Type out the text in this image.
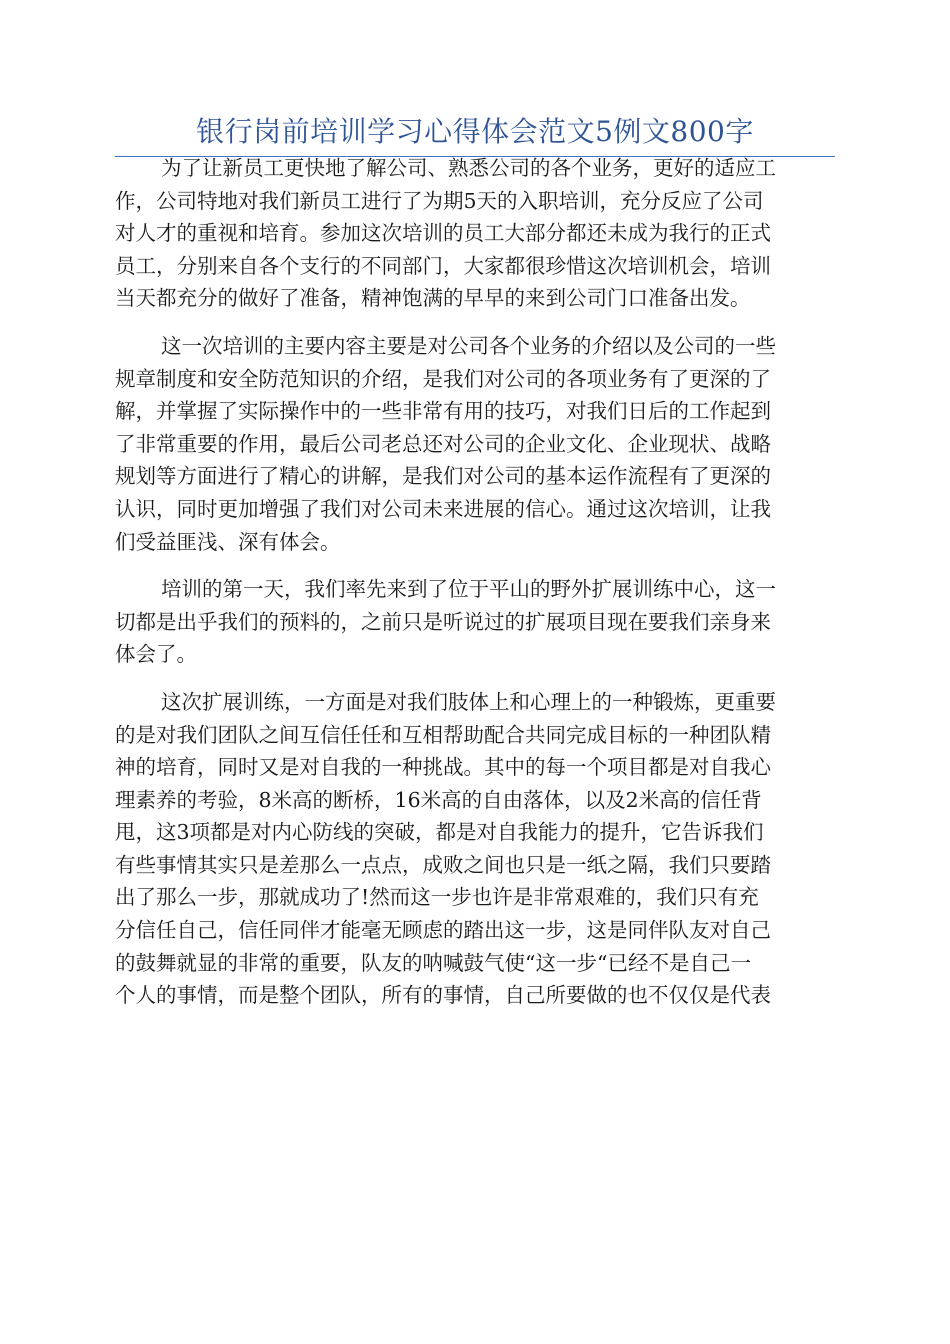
银行岗前培训学习心得体会范文5例文800字
为了让新员工更快地了解公司、熟悉公司的各个业务，更好的适应工
作，公司特地对我们新员工进行了为期5天的入职培训，充分反应了公司
对人才的重视和培育。参加这次培训的员工大部分都还未成为我行的正式
员工，分别来自各个支行的不同部门，大家都很珍惜这次培训机会，培训
当天都充分的做好了准备，精神饱满的早早的来到公司门口准备出发。
这一次培训的主要内容主要是对公司各个业务的介绍以及公司的一些
规章制度和安全防范知识的介绍，是我们对公司的各项业务有了更深的了
解，并掌握了实际操作中的一些非常有用的技巧，对我们日后的工作起到
了非常重要的作用，最后公司老总还对公司的企业文化、企业现状、战略
规划等方面进行了精心的讲解，是我们对公司的基本运作流程有了更深的
认识，同时更加增强了我们对公司未来进展的信心。通过这次培训，让我
们受益匪浅、深有体会。
培训的第一天，我们率先来到了位于平山的野外扩展训练中心，这一
切都是出乎我们的预料的，之前只是听说过的扩展项目现在要我们亲身来
体会了。
这次扩展训练，一方面是对我们肢体上和心理上的一种锻炼，更重要
的是对我们团队之间互信任任和互相帮助配合共同完成目标的一种团队精
神的培育，同时又是对自我的一种挑战。其中的每一个项目都是对自我心
理素养的考验，8米高的断桥，16米高的自由落体，以及2米高的信任背
甩，这3项都是对内心防线的突破，都是对自我能力的提升，它告诉我们
有些事情其实只是差那么一点点，成败之间也只是一纸之隔，我们只要踏
出了那么一步，那就成功了!然而这一步也许是非常艰难的，我们只有充
分信任自己，信任同伴才能毫无顾虑的踏出这一步，这是同伴队友对自己
的鼓舞就显的非常的重要，队友的呐喊鼓气使“这一步“已经不是自己一
个人的事情，而是整个团队，所有的事情，自己所要做的也不仅仅是代表
